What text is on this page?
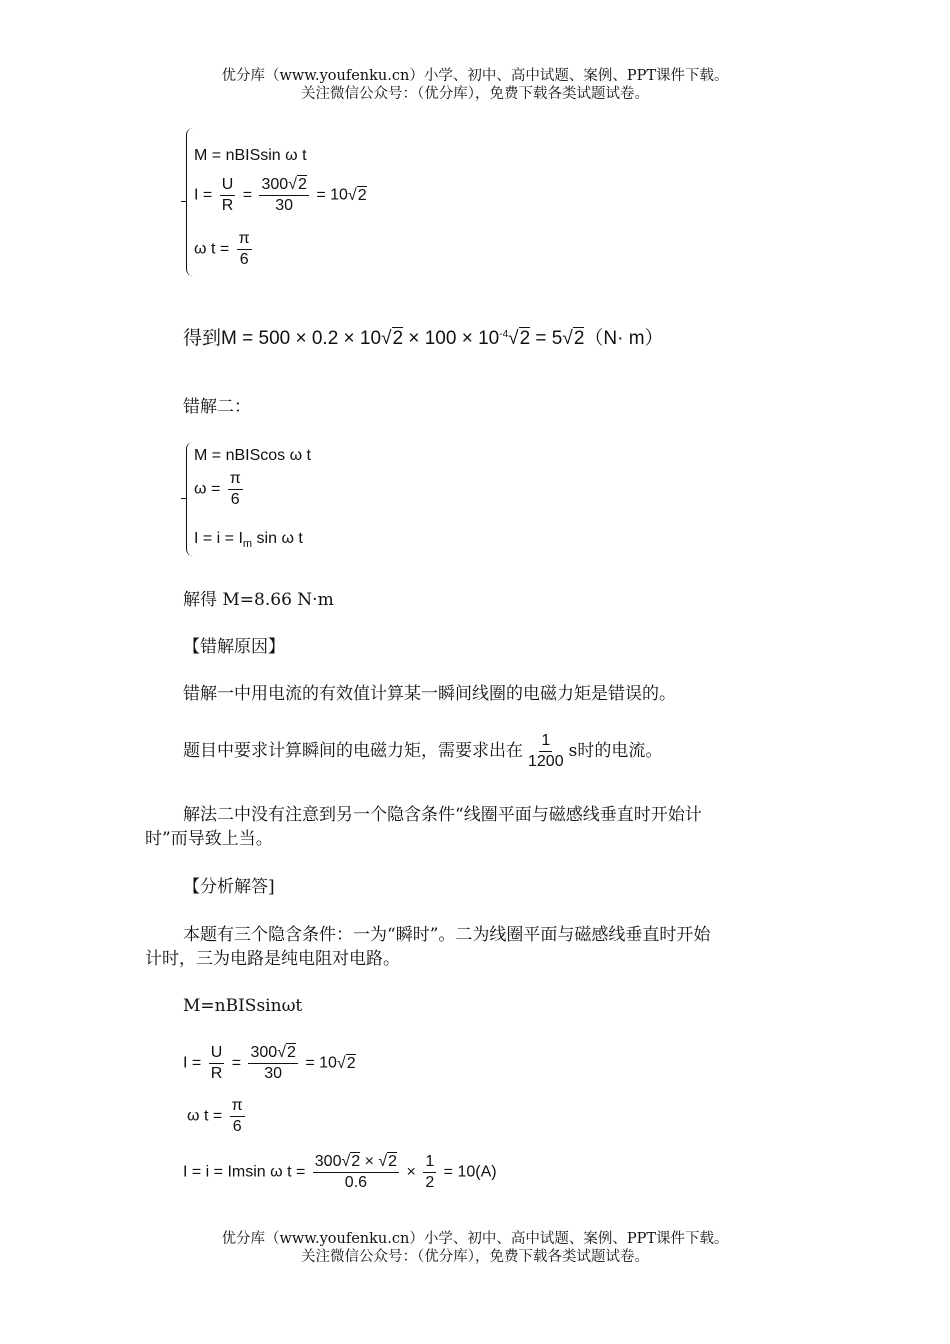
优分库（www.youfenku.cn）小学、初中、高中试题、案例、PPT课件下载。
关注微信公众号：（优分库），免费下载各类试题试卷。
M = nBISsin ω t
$I = \frac{U}{R} = \frac{300√2}{30} = 10√2$
ω $t = \frac{\pi}{6}$
得到$M = 500 \times 0.2 \times 10√2 \times 100 \times 10^{-4}√2 = 5√2(N\cdot m)$
错解二：
M = nBIScos ω t
$\omega = \frac{\pi}{6}$
$I = i = I_m$ sin ω t
解得 M=8.66 N·m
【错解原因】
错解一中用电流的有效值计算某一瞬间线圈的电磁力矩是错误的。
题目中要求计算瞬间的电磁力矩，需要求出在 $\frac{1}{1200}$ s时的电流。
解法二中没有注意到另一个隐含条件“线圈平面与磁感线垂直时开始计
时”而导致上当。
【分析解答]
本题有三个隐含条件：一为“瞬时”。二为线圈平面与磁感线垂直时开始
计时，三为电路是纯电阻对电路。
M=nBISsinωt
$I = \frac{U}{R} = \frac{300√2}{30} = 10√2$
ω $t = \frac{\pi}{6}$
I = i = Imsin ω $t = \frac{300√2 \times √2}{0.6} \times \frac{1}{2} = 10(A)$
优分库（www.youfenku.cn）小学、初中、高中试题、案例、PPT课件下载。
关注微信公众号：（优分库），免费下载各类试题试卷。
